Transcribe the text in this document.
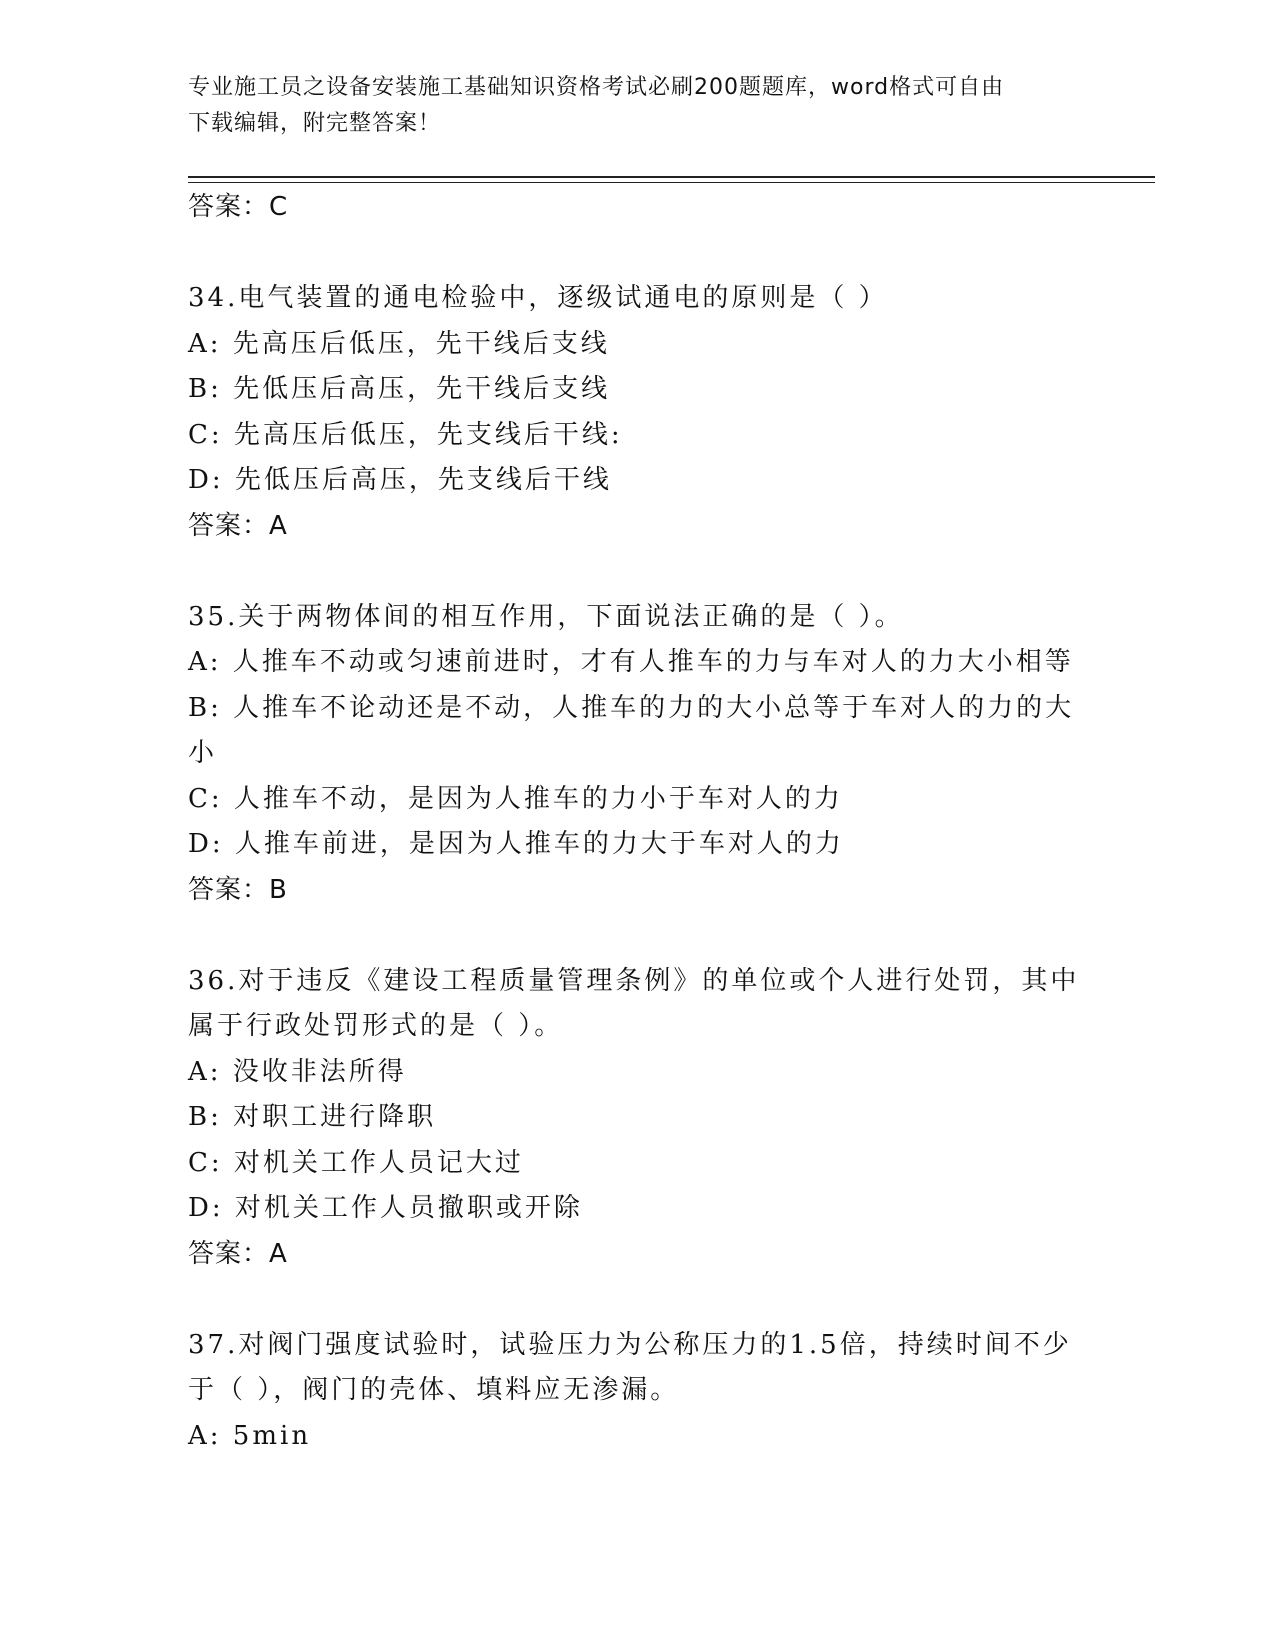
专业施工员之设备安装施工基础知识资格考试必刷200题题库，word格式可自由
下载编辑，附完整答案！
答案：C
34.电气装置的通电检验中，逐级试通电的原则是（ ）
A: 先高压后低压，先干线后支线
B: 先低压后高压，先干线后支线
C: 先高压后低压，先支线后干线:
D: 先低压后高压，先支线后干线
答案：A
35.关于两物体间的相互作用，下面说法正确的是（ ）。
A: 人推车不动或匀速前进时，才有人推车的力与车对人的力大小相等
B: 人推车不论动还是不动，人推车的力的大小总等于车对人的力的大
小
C: 人推车不动，是因为人推车的力小于车对人的力
D: 人推车前进，是因为人推车的力大于车对人的力
答案：B
36.对于违反《建设工程质量管理条例》的单位或个人进行处罚，其中
属于行政处罚形式的是（ ）。
A: 没收非法所得
B: 对职工进行降职
C: 对机关工作人员记大过
D: 对机关工作人员撤职或开除
答案：A
37.对阀门强度试验时，试验压力为公称压力的1.5倍，持续时间不少
于（ ），阀门的壳体、填料应无渗漏。
A: 5min
